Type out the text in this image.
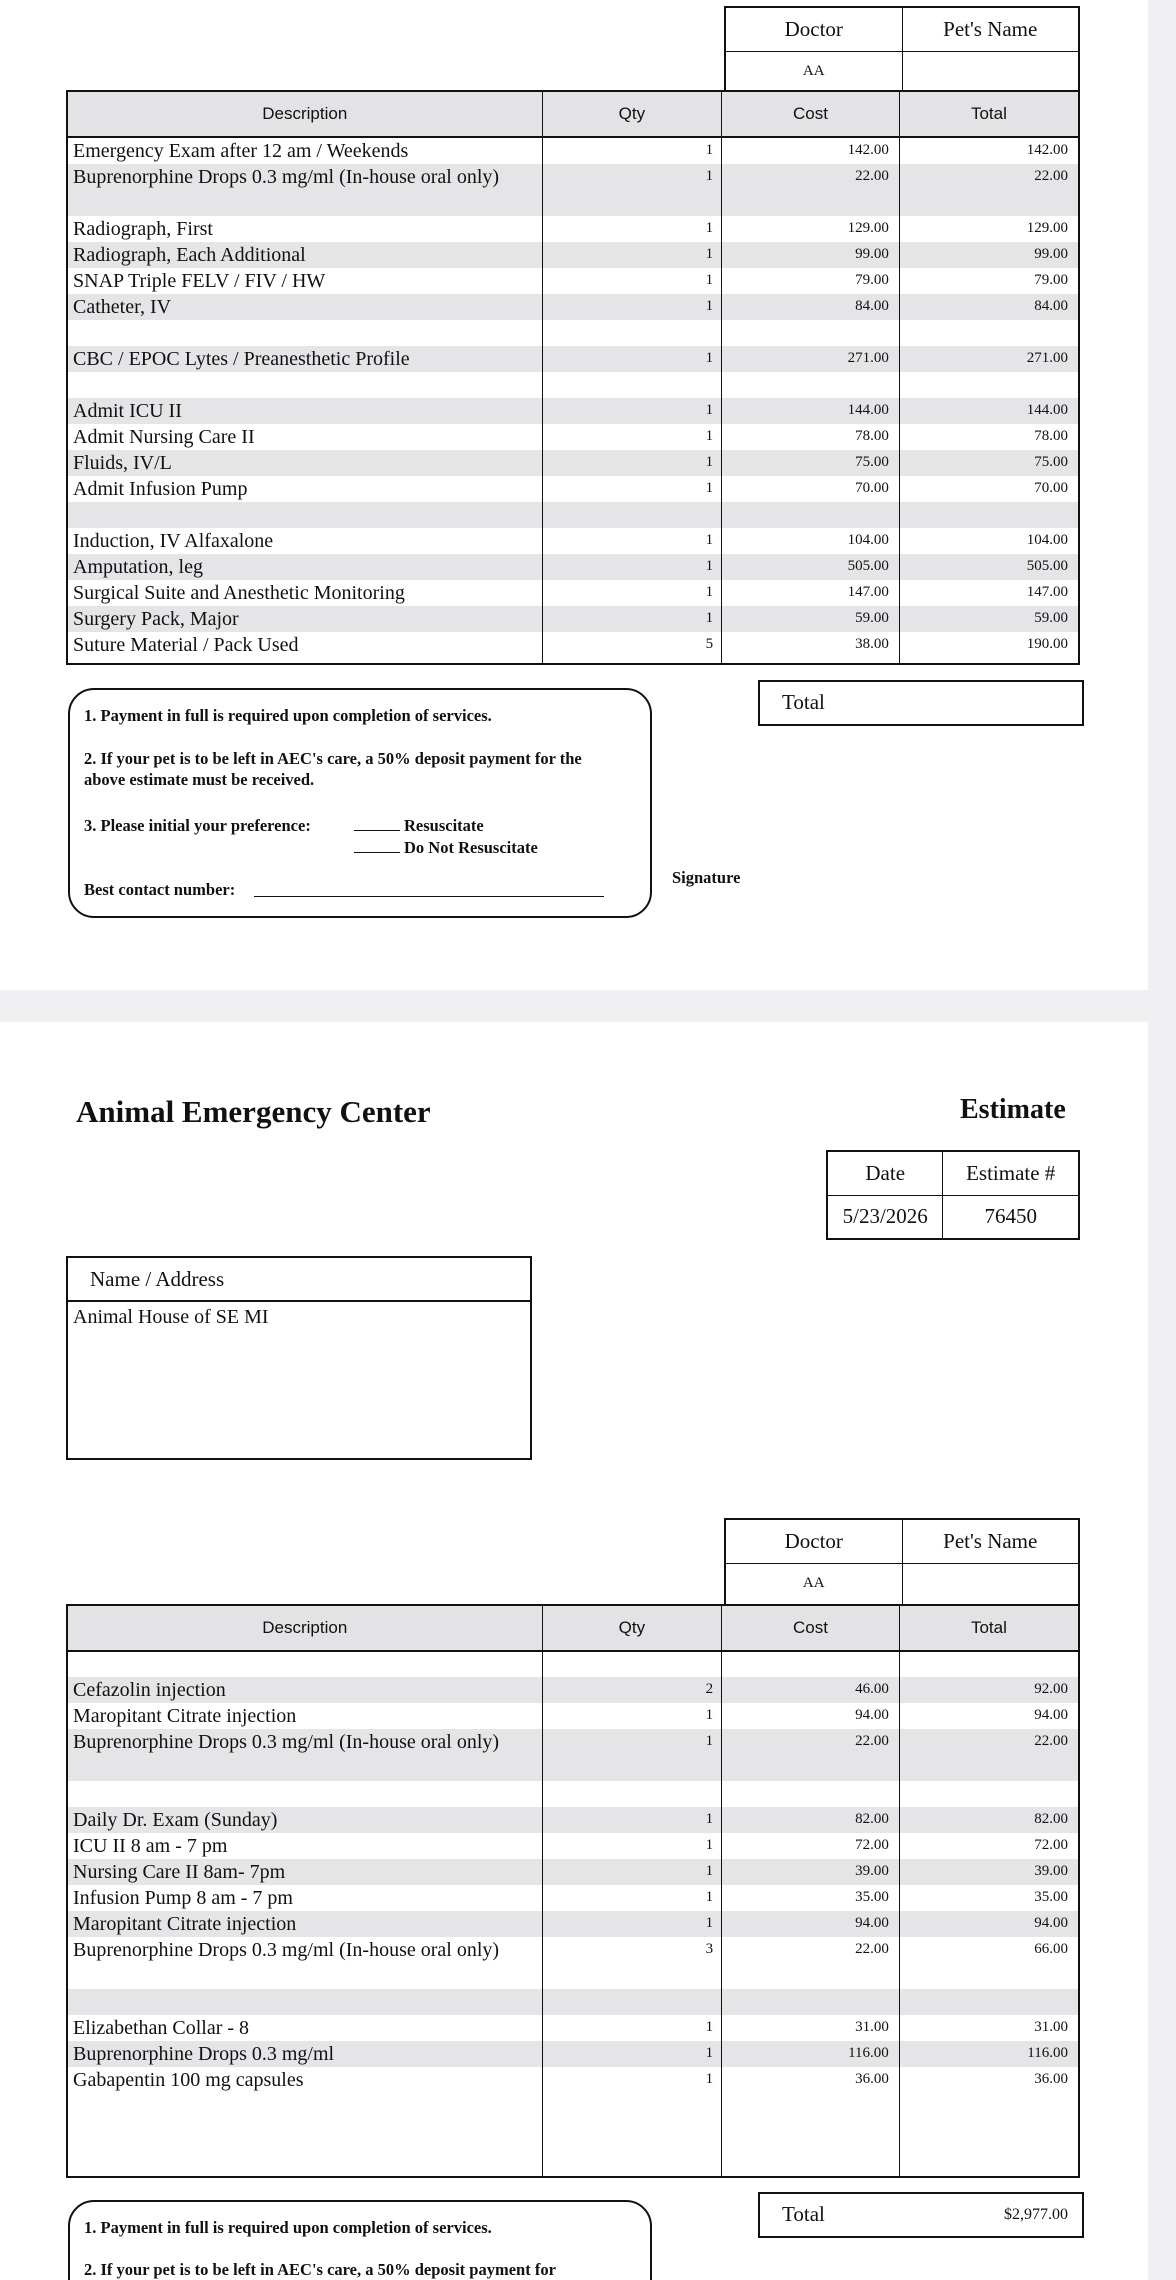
Doctor	Pet's Name
AA	
Description	Qty	Cost	Total
Emergency Exam after 12 am / Weekends	1	142.00	142.00
Buprenorphine Drops 0.3 mg/ml (In-house oral only)	1	22.00	22.00
Radiograph, First	1	129.00	129.00
Radiograph, Each Additional	1	99.00	99.00
SNAP Triple FELV / FIV / HW	1	79.00	79.00
Catheter, IV	1	84.00	84.00

CBC / EPOC Lytes / Preanesthetic Profile	1	271.00	271.00

Admit ICU II	1	144.00	144.00
Admit Nursing Care II	1	78.00	78.00
Fluids, IV/L	1	75.00	75.00
Admit Infusion Pump	1	70.00	70.00

Induction, IV Alfaxalone	1	104.00	104.00
Amputation, leg	1	505.00	505.00
Surgical Suite and Anesthetic Monitoring	1	147.00	147.00
Surgery Pack, Major	1	59.00	59.00
Suture Material / Pack Used	5	38.00	190.00

Total

1. Payment in full is required upon completion of services.

2. If your pet is to be left in AEC's care, a 50% deposit payment for the above estimate must be received.

3. Please initial your preference:	Resuscitate

Do Not Resuscitate

Best contact number:

Signature
Animal Emergency Center	Estimate
Date	Estimate #
5/23/2026	76450
Name / Address
Animal House of SE MI
Doctor	Pet's Name
AA	
Description	Qty	Cost	Total

Cefazolin injection	2	46.00	92.00
Maropitant Citrate injection	1	94.00	94.00
Buprenorphine Drops 0.3 mg/ml (In-house oral only)	1	22.00	22.00

Daily Dr. Exam (Sunday)	1	82.00	82.00
ICU II 8 am - 7 pm	1	72.00	72.00
Nursing Care II 8am- 7pm	1	39.00	39.00
Infusion Pump 8 am - 7 pm	1	35.00	35.00
Maropitant Citrate injection	1	94.00	94.00
Buprenorphine Drops 0.3 mg/ml (In-house oral only)	3	22.00	66.00

Elizabethan Collar - 8	1	31.00	31.00
Buprenorphine Drops 0.3 mg/ml	1	116.00	116.00
Gabapentin 100 mg capsules	1	36.00	36.00

Total	$2,977.00

1. Payment in full is required upon completion of services.

2. If your pet is to be left in AEC's care, a 50% deposit payment for
